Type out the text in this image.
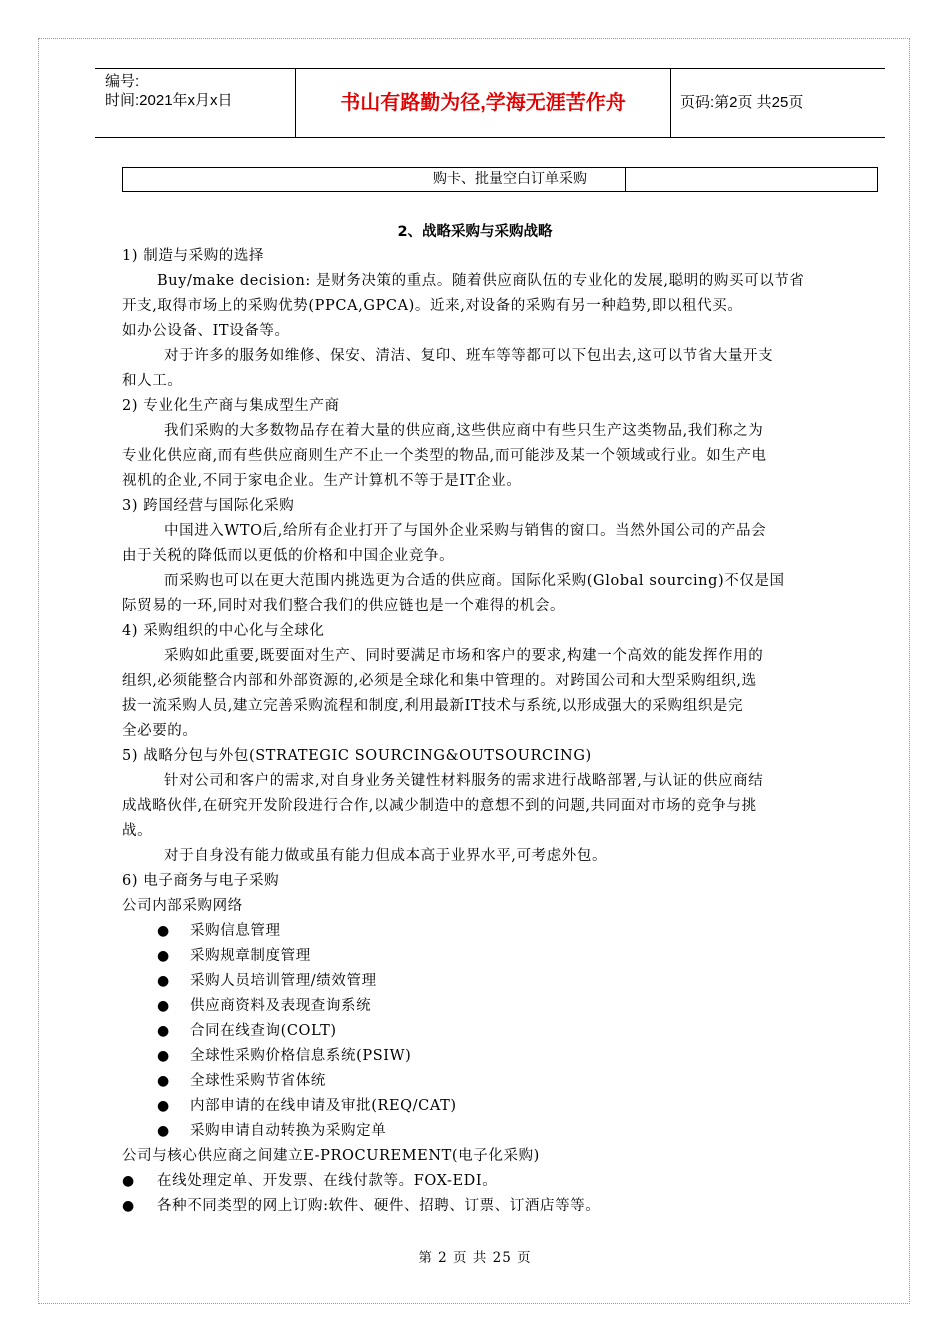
编号:
时间:2021年x月x日	书山有路勤为径,学海无涯苦作舟	页码:第2页 共25页
购卡、批量空白订单采购
2、战略采购与采购战略
1) 制造与采购的选择
Buy/make decision: 是财务决策的重点。随着供应商队伍的专业化的发展,聪明的购买可以节省
开支,取得市场上的采购优势(PPCA,GPCA)。近来,对设备的采购有另一种趋势,即以租代买。
如办公设备、IT设备等。
对于许多的服务如维修、保安、清洁、复印、班车等等都可以下包出去,这可以节省大量开支
和人工。
2) 专业化生产商与集成型生产商
我们采购的大多数物品存在着大量的供应商,这些供应商中有些只生产这类物品,我们称之为
专业化供应商,而有些供应商则生产不止一个类型的物品,而可能涉及某一个领域或行业。如生产电
视机的企业,不同于家电企业。生产计算机不等于是IT企业。
3) 跨国经营与国际化采购
中国进入WTO后,给所有企业打开了与国外企业采购与销售的窗口。当然外国公司的产品会
由于关税的降低而以更低的价格和中国企业竞争。
而采购也可以在更大范围内挑选更为合适的供应商。国际化采购(Global sourcing)不仅是国
际贸易的一环,同时对我们整合我们的供应链也是一个难得的机会。
4) 采购组织的中心化与全球化
采购如此重要,既要面对生产、同时要满足市场和客户的要求,构建一个高效的能发挥作用的
组织,必须能整合内部和外部资源的,必须是全球化和集中管理的。对跨国公司和大型采购组织,选
拔一流采购人员,建立完善采购流程和制度,利用最新IT技术与系统,以形成强大的采购组织是完
全必要的。
5) 战略分包与外包(STRATEGIC SOURCING&OUTSOURCING)
针对公司和客户的需求,对自身业务关键性材料服务的需求进行战略部署,与认证的供应商结
成战略伙伴,在研究开发阶段进行合作,以减少制造中的意想不到的问题,共同面对市场的竞争与挑
战。
对于自身没有能力做或虽有能力但成本高于业界水平,可考虑外包。
6) 电子商务与电子采购
公司内部采购网络
● 采购信息管理
● 采购规章制度管理
● 采购人员培训管理/绩效管理
● 供应商资料及表现查询系统
● 合同在线查询(COLT)
● 全球性采购价格信息系统(PSIW)
● 全球性采购节省体统
● 内部申请的在线申请及审批(REQ/CAT)
● 采购申请自动转换为采购定单
公司与核心供应商之间建立E-PROCUREMENT(电子化采购)
● 在线处理定单、开发票、在线付款等。FOX-EDI。
● 各种不同类型的网上订购:软件、硬件、招聘、订票、订酒店等等。
第 2 页 共 25 页
